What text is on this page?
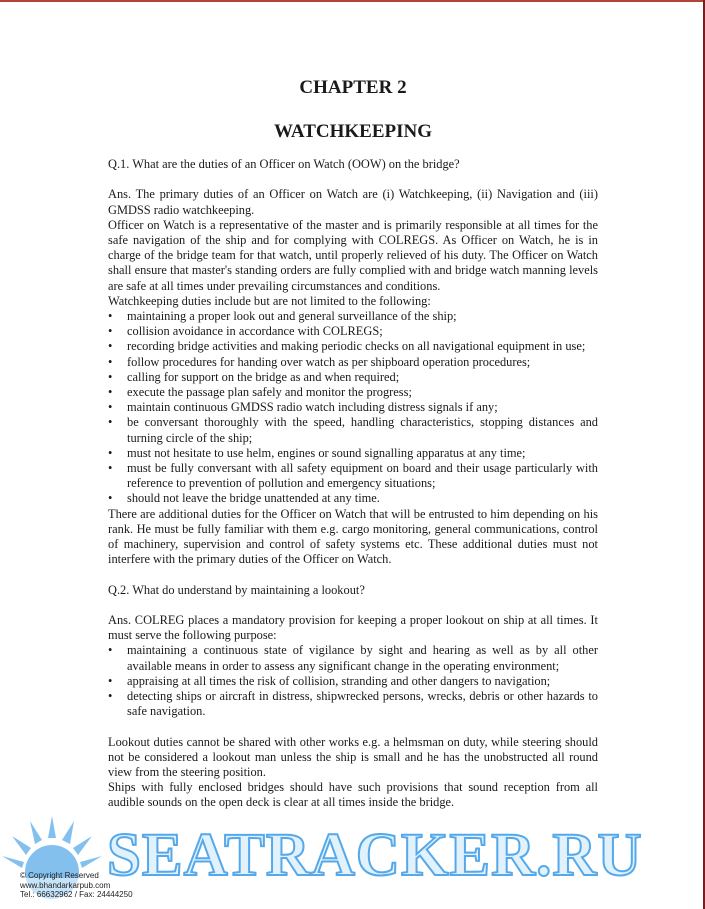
CHAPTER 2
WATCHKEEPING

Q.1. What are the duties of an Officer on Watch (OOW) on the bridge?

Ans. The primary duties of an Officer on Watch are (i) Watchkeeping, (ii) Navigation and (iii) GMDSS radio watchkeeping.

Officer on Watch is a representative of the master and is primarily responsible at all times for the safe navigation of the ship and for complying with COLREGS. As Officer on Watch, he is in charge of the bridge team for that watch, until properly relieved of his duty. The Officer on Watch shall ensure that master's standing orders are fully complied with and bridge watch manning levels are safe at all times under prevailing circumstances and conditions.

Watchkeeping duties include but are not limited to the following:

• maintaining a proper look out and general surveillance of the ship;
• collision avoidance in accordance with COLREGS;
• recording bridge activities and making periodic checks on all navigational equipment in use;
• follow procedures for handing over watch as per shipboard operation procedures;
• calling for support on the bridge as and when required;
• execute the passage plan safely and monitor the progress;
• maintain continuous GMDSS radio watch including distress signals if any;
• be conversant thoroughly with the speed, handling characteristics, stopping distances and turning circle of the ship;
• must not hesitate to use helm, engines or sound signalling apparatus at any time;
• must be fully conversant with all safety equipment on board and their usage particularly with reference to prevention of pollution and emergency situations;
• should not leave the bridge unattended at any time.

There are additional duties for the Officer on Watch that will be entrusted to him depending on his rank. He must be fully familiar with them e.g. cargo monitoring, general communications, control of machinery, supervision and control of safety systems etc. These additional duties must not interfere with the primary duties of the Officer on Watch.

Q.2. What do understand by maintaining a lookout?

Ans. COLREG places a mandatory provision for keeping a proper lookout on ship at all times. It must serve the following purpose:

• maintaining a continuous state of vigilance by sight and hearing as well as by all other available means in order to assess any significant change in the operating environment;
• appraising at all times the risk of collision, stranding and other dangers to navigation;
• detecting ships or aircraft in distress, shipwrecked persons, wrecks, debris or other hazards to safe navigation.

Lookout duties cannot be shared with other works e.g. a helmsman on duty, while steering should not be considered a lookout man unless the ship is small and he has the unobstructed all round view from the steering position.

Ships with fully enclosed bridges should have such provisions that sound reception from all audible sounds on the open deck is clear at all times inside the bridge.

SEATRACKER.RU
© Copyright Reserved
www.bhandarkarpub.com
Tel.: 66632962 / Fax: 24444250
